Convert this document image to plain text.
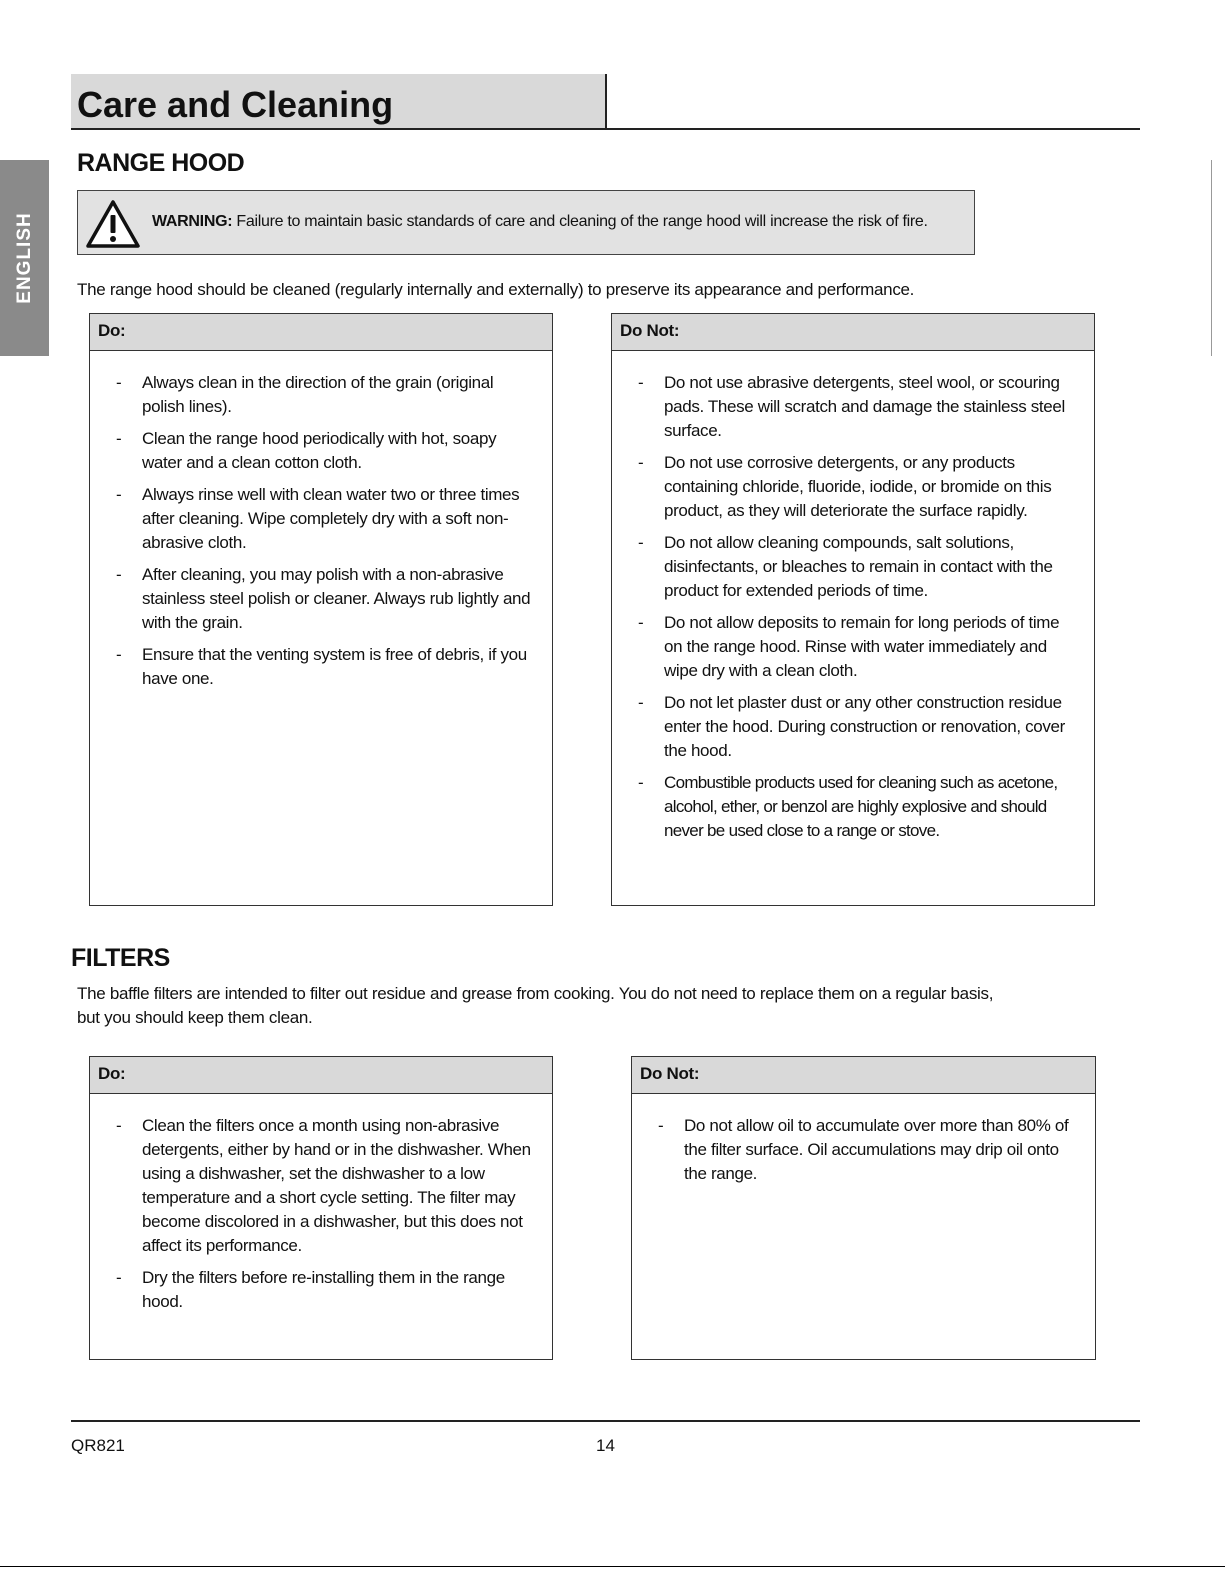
Care and Cleaning
ENGLISH
RANGE HOOD
WARNING: Failure to maintain basic standards of care and cleaning of the range hood will increase the risk of fire.

The range hood should be cleaned (regularly internally and externally) to preserve its appearance and performance.

Do:
- Always clean in the direction of the grain (original polish lines).
- Clean the range hood periodically with hot, soapy water and a clean cotton cloth.
- Always rinse well with clean water two or three times after cleaning. Wipe completely dry with a soft non-abrasive cloth.
- After cleaning, you may polish with a non-abrasive stainless steel polish or cleaner. Always rub lightly and with the grain.
- Ensure that the venting system is free of debris, if you have one.
Do Not:
- Do not use abrasive detergents, steel wool, or scouring pads. These will scratch and damage the stainless steel surface.
- Do not use corrosive detergents, or any products containing chloride, fluoride, iodide, or bromide on this product, as they will deteriorate the surface rapidly.
- Do not allow cleaning compounds, salt solutions, disinfectants, or bleaches to remain in contact with the product for extended periods of time.
- Do not allow deposits to remain for long periods of time on the range hood. Rinse with water immediately and wipe dry with a clean cloth.
- Do not let plaster dust or any other construction residue enter the hood. During construction or renovation, cover the hood.
- Combustible products used for cleaning such as acetone, alcohol, ether, or benzol are highly explosive and should never be used close to a range or stove.
FILTERS

The baffle filters are intended to filter out residue and grease from cooking. You do not need to replace them on a regular basis,

but you should keep them clean.

Do:
- Clean the filters once a month using non-abrasive detergents, either by hand or in the dishwasher. When using a dishwasher, set the dishwasher to a low temperature and a short cycle setting. The filter may become discolored in a dishwasher, but this does not affect its performance.
- Dry the filters before re-installing them in the range hood.
Do Not:
- Do not allow oil to accumulate over more than 80% of the filter surface. Oil accumulations may drip oil onto the range.
QR821	14
